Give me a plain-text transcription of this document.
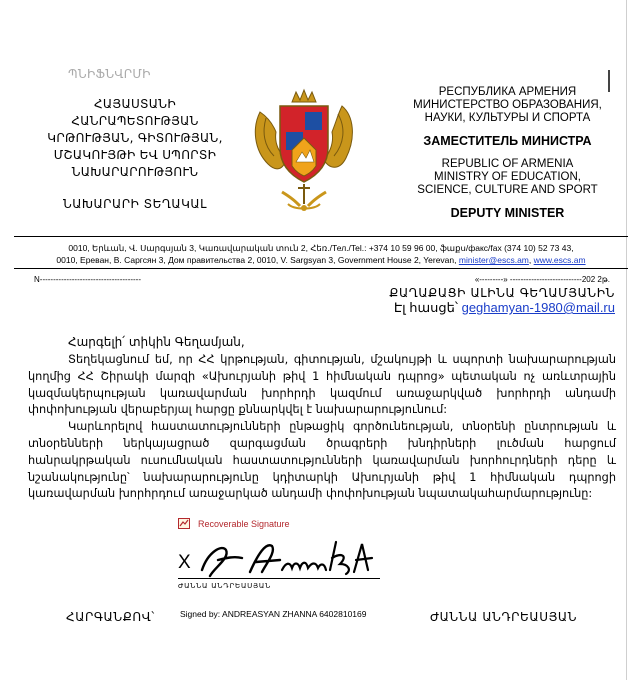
ՊՆԻՖՆՎՐՄԻ
ՀԱՅԱՍՏԱՆԻ
ՀԱՆՐԱՊԵՏՈՒԹՅԱՆ
ԿՐԹՈՒԹՅԱՆ, ԳԻՏՈՒԹՅԱՆ,
ՄՇԱԿՈՒՅԹԻ ԵՎ ՍՊՈՐՏԻ
ՆԱԽԱՐԱՐՈՒԹՅՈՒՆ
ՆԱԽԱՐԱՐԻ ՏԵՂԱԿԱԼ
РЕСПУБЛИКА АРМЕНИЯ
МИНИСТЕРСТВО ОБРАЗОВАНИЯ,
НАУКИ, КУЛЬТУРЫ И СПОРТА
ЗАМЕСТИТЕЛЬ МИНИСТРА
REPUBLIC OF ARMENIA
MINISTRY OF EDUCATION,
SCIENCE, CULTURE AND SPORT
DEPUTY MINISTER
0010, Երևան, Վ. Սարգսյան 3, Կառավարական տուն 2, Հեռ./Тел./Tel.: +374 10 59 96 00, ֆաքս/факс/fax (374 10) 52 73 43,
0010, Ереван, В. Саргсян 3, Дом правительства 2, 0010, V. Sargsyan 3, Government House 2, Yerevan, minister@escs.am, www.escs.am
N--------------------------------------	«---------» ---------------------------202 2թ.
ՔԱՂԱՔԱՑԻ ԱԼԻՆԱ ԳԵՂԱՄՅԱՆԻՆ
Էլ հասցե՝ geghamyan-1980@mail.ru
Հարգելի՛ տիկին Գեղամյան,

Տեղեկացնում եմ, որ ՀՀ կրթության, գիտության, մշակույթի և սպորտի նախարարության կողմից ՀՀ Շիրակի մարզի «Ախուրյանի թիվ 1 հիմնական դպրոց» պետական ոչ առևտրային կազմակերպության կառավարման խորհրդի կազմում առաջարկված խորհրդի անդամի փոփոխության վերաբերյալ հարցը քննարկվել է նախարարությունում:

Կարևորելով հաստատությունների ընթացիկ գործունեության, տնօրենի ընտրության և տնօրենների ներկայացրած զարգացման ծրագրերի խնդիրների լուծման հարցում հանրակրթական ուսումնական հաստատությունների կառավարման խորհուրդների դերը և նշանակությունը՝ նախարարությունը կդիտարկի Ախուրյանի թիվ 1 հիմնական դպրոցի կառավարման խորհրդում առաջարկած անդամի փոփոխության նպատակահարմարությունը:

Recoverable Signature
X
ԺԱՆՆԱ ԱՆԴՐԵԱՍՅԱՆ
ՀԱՐԳԱՆՔՈՎ՝	Signed by: ANDREASYAN ZHANNA 6402810169	ԺԱՆՆԱ ԱՆԴՐԵԱՍՅԱՆ
